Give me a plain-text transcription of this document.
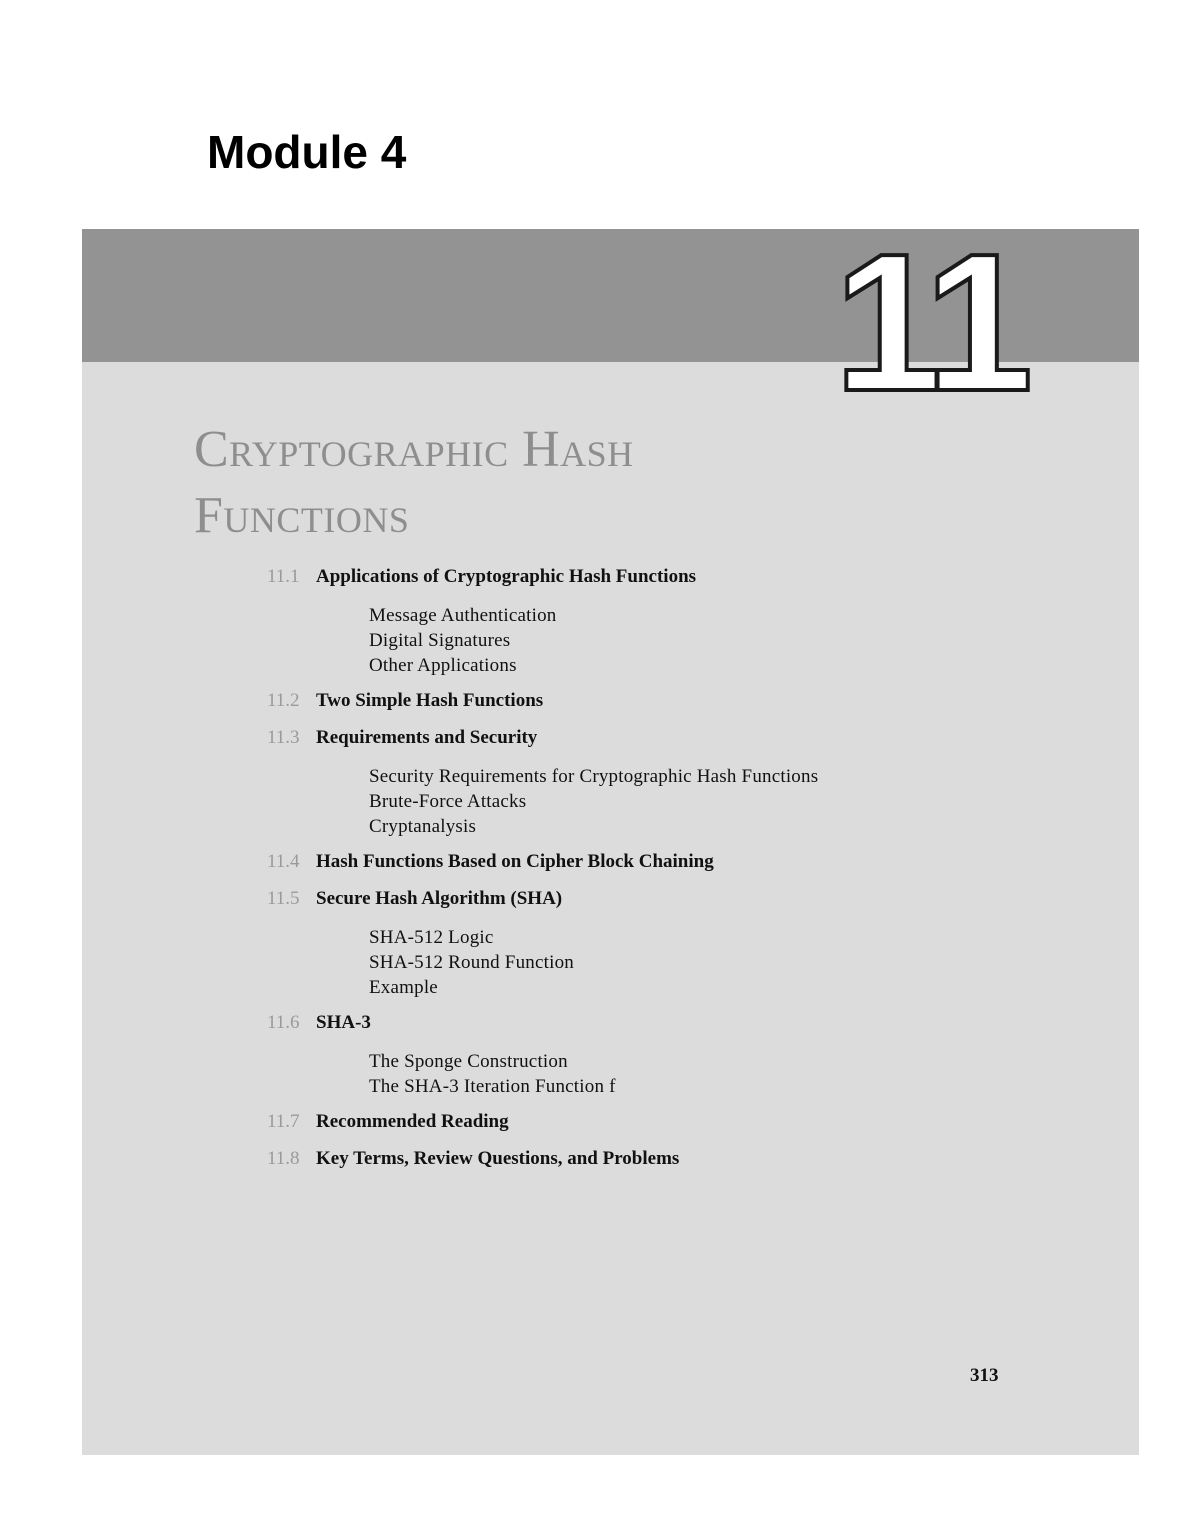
Module 4
11
Cryptographic Hash
Functions
11.1 Applications of Cryptographic Hash Functions
Message Authentication
Digital Signatures
Other Applications
11.2 Two Simple Hash Functions
11.3 Requirements and Security
Security Requirements for Cryptographic Hash Functions
Brute-Force Attacks
Cryptanalysis
11.4 Hash Functions Based on Cipher Block Chaining
11.5 Secure Hash Algorithm (SHA)
SHA-512 Logic
SHA-512 Round Function
Example
11.6 SHA-3
The Sponge Construction
The SHA-3 Iteration Function f
11.7 Recommended Reading
11.8 Key Terms, Review Questions, and Problems
313
